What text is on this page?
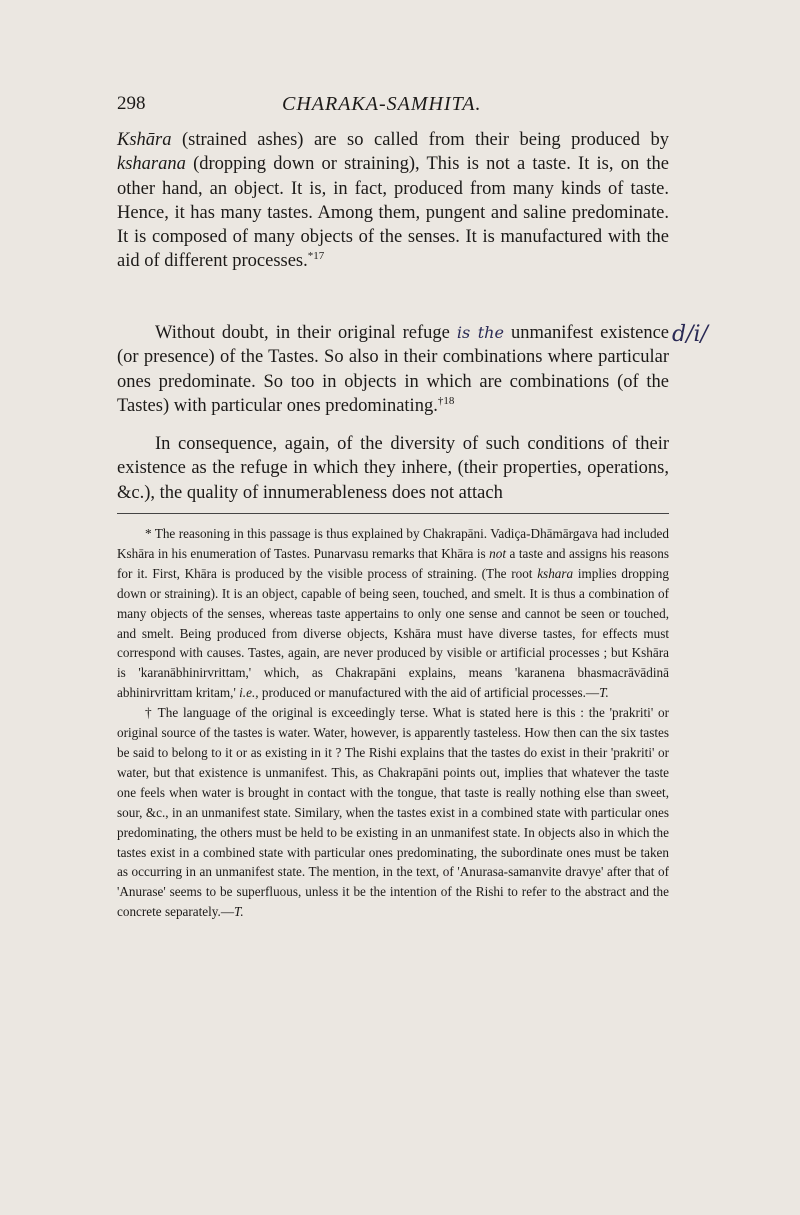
298	CHARAKA-SAMHITA.

Kshāra (strained ashes) are so called from their being produced by ksharana (dropping down or straining), This is not a taste. It is, on the other hand, an object. It is, in fact, produced from many kinds of taste. Hence, it has many tastes. Among them, pungent and saline predominate. It is composed of many objects of the senses. It is manufactured with the aid of different processes.$^{*17}$

Without doubt, in their original refuge is the unmanifest existence (or presence) of the Tastes. So also in their combinations where particular ones predominate. So too in objects in which are combinations (of the Tastes) with particular ones predominating.$^{\dagger 18}$

d/i/

In consequence, again, of the diversity of such conditions of their existence as the refuge in which they inhere, (their properties, operations, &c.), the quality of innumerableness does not attach

* The reasoning in this passage is thus explained by Chakrapāni. Vadiça-Dhāmārgava had included Kshāra in his enumeration of Tastes. Punarvasu remarks that Khāra is not a taste and assigns his reasons for it. First, Khāra is produced by the visible process of straining. (The root kshara implies dropping down or straining). It is an object, capable of being seen, touched, and smelt. It is thus a combination of many objects of the senses, whereas taste appertains to only one sense and cannot be seen or touched, and smelt. Being produced from diverse objects, Kshāra must have diverse tastes, for effects must correspond with causes. Tastes, again, are never produced by visible or artificial processes ; but Kshāra is 'karanābhinirvrittam,' which, as Chakrapāni explains, means 'karanena bhasmacrāvādinā abhinirvrittam kritam,' i.e., produced or manufactured with the aid of artificial processes.—T.

† The language of the original is exceedingly terse. What is stated here is this : the 'prakriti' or original source of the tastes is water. Water, however, is apparently tasteless. How then can the six tastes be said to belong to it or as existing in it ? The Rishi explains that the tastes do exist in their 'prakriti' or water, but that existence is unmanifest. This, as Chakrapāni points out, implies that whatever the taste one feels when water is brought in contact with the tongue, that taste is really nothing else than sweet, sour, &c., in an unmanifest state. Similary, when the tastes exist in a combined state with particular ones predominating, the others must be held to be existing in an unmanifest state. In objects also in which the tastes exist in a combined state with particular ones predominating, the subordinate ones must be taken as occurring in an unmanifest state. The mention, in the text, of 'Anurasa-samanvite dravye' after that of 'Anurase' seems to be superfluous, unless it be the intention of the Rishi to refer to the abstract and the concrete separately.—T.
